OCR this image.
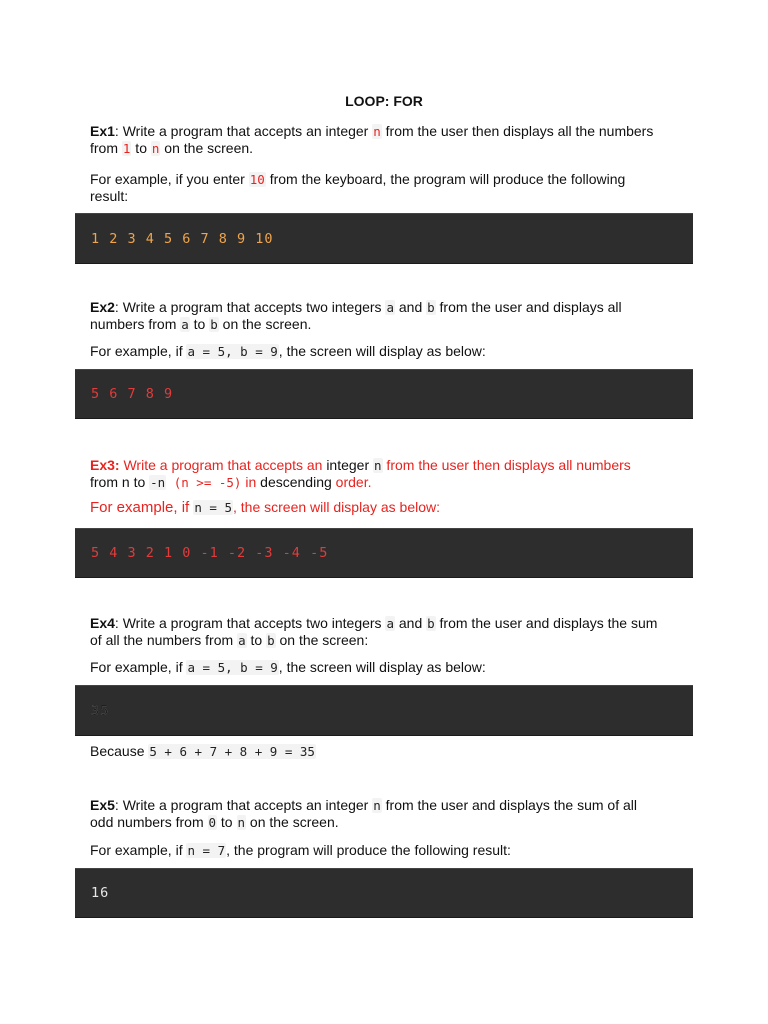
LOOP: FOR
Ex1: Write a program that accepts an integer n from the user then displays all the numbers
from 1 to n on the screen.
For example, if you enter 10 from the keyboard, the program will produce the following
result:
1 2 3 4 5 6 7 8 9 10
Ex2: Write a program that accepts two integers a and b from the user and displays all
numbers from a to b on the screen.
For example, if a = 5, b = 9, the screen will display as below:
5 6 7 8 9
Ex3: Write a program that accepts an integer n from the user then displays all numbers
from n to -n (n >= -5) in descending order.
For example, if n = 5, the screen will display as below:
5 4 3 2 1 0 -1 -2 -3 -4 -5
Ex4: Write a program that accepts two integers a and b from the user and displays the sum
of all the numbers from a to b on the screen:
For example, if a = 5, b = 9, the screen will display as below:
35
Because 5 + 6 + 7 + 8 + 9 = 35
Ex5: Write a program that accepts an integer n from the user and displays the sum of all
odd numbers from 0 to n on the screen.
For example, if n = 7, the program will produce the following result:
16
